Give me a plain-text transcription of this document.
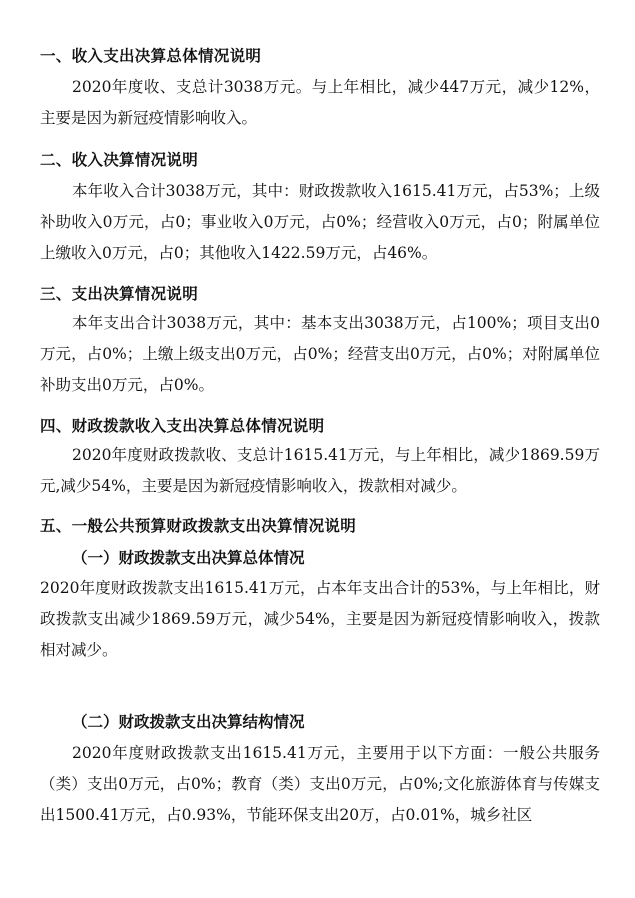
一、收入支出决算总体情况说明

2020年度收、支总计3038万元。与上年相比，减少447万元，减少12%，主要是因为新冠疫情影响收入。

二、收入决算情况说明

本年收入合计3038万元，其中：财政拨款收入1615.41万元，占53%；上级补助收入0万元，占0；事业收入0万元，占0%；经营收入0万元，占0；附属单位上缴收入0万元，占0；其他收入1422.59万元，占46%。

三、支出决算情况说明

本年支出合计3038万元，其中：基本支出3038万元，占100%；项目支出0万元，占0%；上缴上级支出0万元，占0%；经营支出0万元，占0%；对附属单位补助支出0万元，占0%。

四、财政拨款收入支出决算总体情况说明

2020年度财政拨款收、支总计1615.41万元，与上年相比，减少1869.59万元,减少54%，主要是因为新冠疫情影响收入，拨款相对减少。

五、一般公共预算财政拨款支出决算情况说明
（一）财政拨款支出决算总体情况

2020年度财政拨款支出1615.41万元，占本年支出合计的53%，与上年相比，财政拨款支出减少1869.59万元，减少54%，主要是因为新冠疫情影响收入，拨款相对减少。

（二）财政拨款支出决算结构情况

2020年度财政拨款支出1615.41万元，主要用于以下方面：一般公共服务（类）支出0万元，占0%；教育（类）支出0万元，占0%;文化旅游体育与传媒支出1500.41万元，占0.93%，节能环保支出20万，占0.01%，城乡社区
